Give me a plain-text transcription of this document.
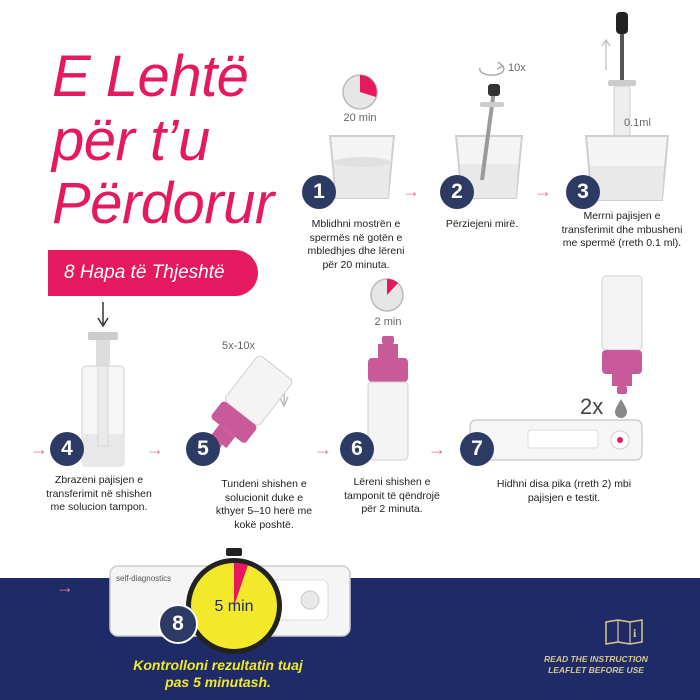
E Lehtë
për t’u
Përdorur
8 Hapa të Thjeshtë
20 min
1	→
Mblidhni mostrën e spermës në gotën e mbledhjes dhe lëreni për 20 minuta.
10x
2	→
Përziejeni mirë.
0.1ml
3
Merrni pajisjen e transferimit dhe mbusheni me spermë (rreth 0.1 ml).
→ 4	→
Zbrazeni pajisjen e transferimit në shishen me solucion tampon.
5x-10x
5	→
Tundeni shishen e solucionit duke e kthyer 5–10 herë me kokë poshtë.
2 min
6	→
Lëreni shishen e tamponit të qëndrojë për 2 minuta.
2x
7
Hidhni disa pika (rreth 2) mbi pajisjen e testit.
→	self-diagnostics
5 min
8
Kontrolloni rezultatin tuaj pas 5 minutash.
i
READ THE INSTRUCTION LEAFLET BEFORE USE
